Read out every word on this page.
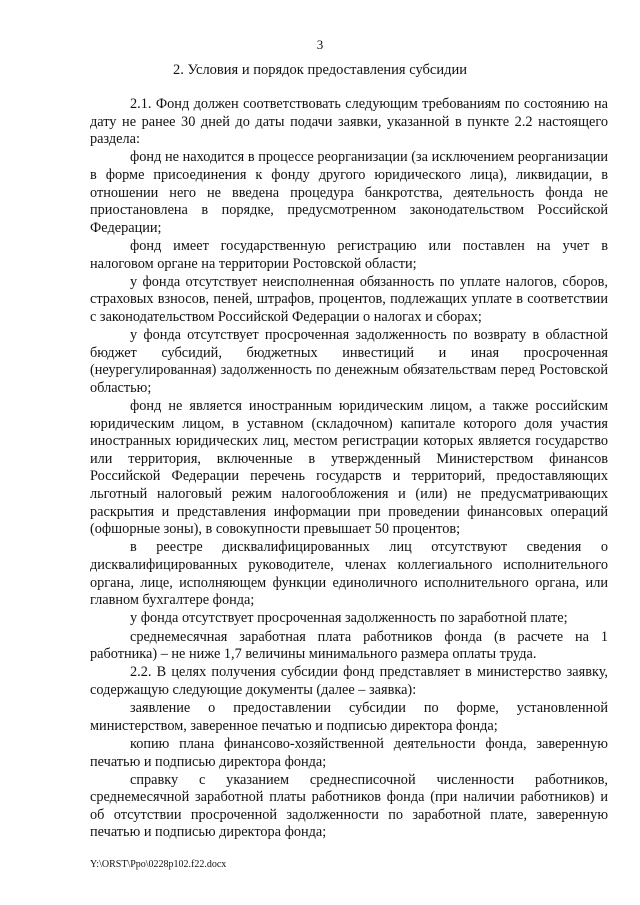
3
2. Условия и порядок предоставления субсидии

2.1. Фонд должен соответствовать следующим требованиям по состоянию на дату не ранее 30 дней до даты подачи заявки, указанной в пункте 2.2 настоящего раздела:

фонд не находится в процессе реорганизации (за исключением реорганизации в форме присоединения к фонду другого юридического лица), ликвидации, в отношении него не введена процедура банкротства, деятельность фонда не приостановлена в порядке, предусмотренном законодательством Российской Федерации;

фонд имеет государственную регистрацию или поставлен на учет в налоговом органе на территории Ростовской области;

у фонда отсутствует неисполненная обязанность по уплате налогов, сборов, страховых взносов, пеней, штрафов, процентов, подлежащих уплате в соответствии с законодательством Российской Федерации о налогах и сборах;

у фонда отсутствует просроченная задолженность по возврату в областной бюджет субсидий, бюджетных инвестиций и иная просроченная (неурегулированная) задолженность по денежным обязательствам перед Ростовской областью;

фонд не является иностранным юридическим лицом, а также российским юридическим лицом, в уставном (складочном) капитале которого доля участия иностранных юридических лиц, местом регистрации которых является государство или территория, включенные в утвержденный Министерством финансов Российской Федерации перечень государств и территорий, предоставляющих льготный налоговый режим налогообложения и (или) не предусматривающих раскрытия и представления информации при проведении финансовых операций (офшорные зоны), в совокупности превышает 50 процентов;

в реестре дисквалифицированных лиц отсутствуют сведения о дисквалифицированных руководителе, членах коллегиального исполнительного органа, лице, исполняющем функции единоличного исполнительного органа, или главном бухгалтере фонда;

у фонда отсутствует просроченная задолженность по заработной плате;

среднемесячная заработная плата работников фонда (в расчете на 1 работника) – не ниже 1,7 величины минимального размера оплаты труда.

2.2. В целях получения субсидии фонд представляет в министерство заявку, содержащую следующие документы (далее – заявка):

заявление о предоставлении субсидии по форме, установленной министерством, заверенное печатью и подписью директора фонда;

копию плана финансово-хозяйственной деятельности фонда, заверенную печатью и подписью директора фонда;

справку с указанием среднесписочной численности работников, среднемесячной заработной платы работников фонда (при наличии работников) и об отсутствии просроченной задолженности по заработной плате, заверенную печатью и подписью директора фонда;

Y:\ORST\Ppo\0228p102.f22.docx
